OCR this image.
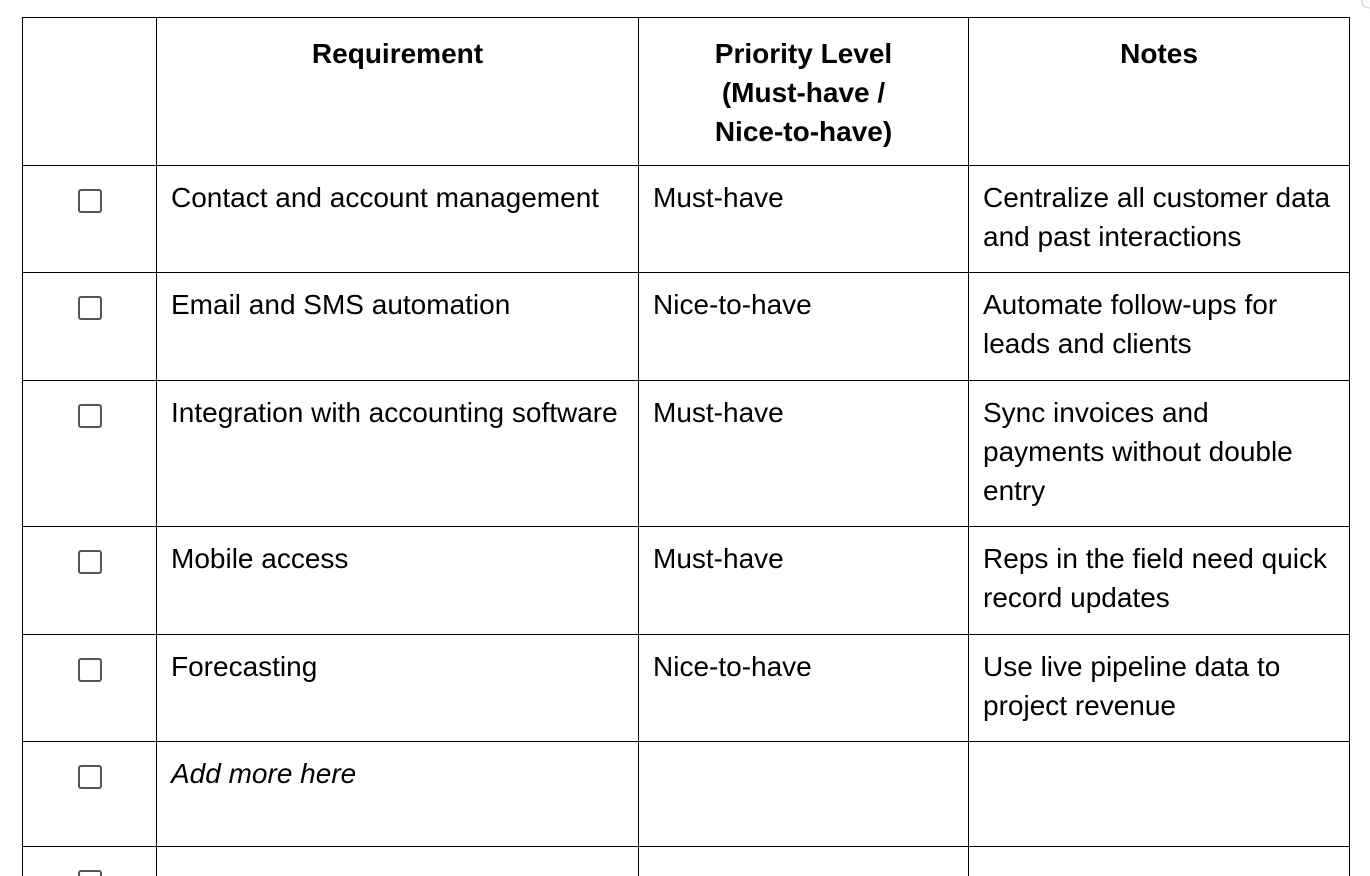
	Requirement	Priority Level
(Must-have /
Nice-to-have)	Notes

	Contact and account management	Must-have	Centralize all customer data and past interactions

	Email and SMS automation	Nice-to-have	Automate follow-ups for leads and clients

	Integration with accounting software	Must-have	Sync invoices and payments without double entry

	Mobile access	Must-have	Reps in the field need quick record updates

	Forecasting	Nice-to-have	Use live pipeline data to project revenue

	Add more here		
